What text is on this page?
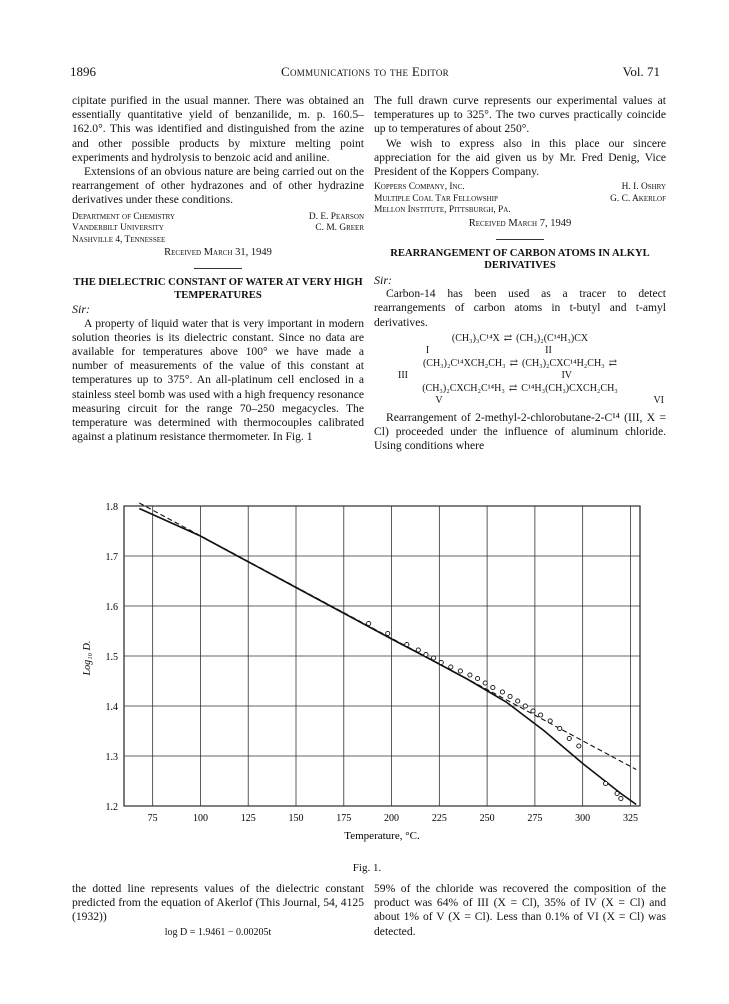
1896	Communications to the Editor	Vol. 71

cipitate purified in the usual manner. There was obtained an essentially quantitative yield of benzanilide, m. p. 160.5–162.0°. This was identified and distinguished from the azine and other possible products by mixture melting point experiments and hydrolysis to benzoic acid and aniline.

Extensions of an obvious nature are being carried out on the rearrangement of other hydrazones and of other hydrazine derivatives under these conditions.

Department of Chemistry	D. E. Pearson
Vanderbilt University	C. M. Greer
Nashville 4, Tennessee

Received March 31, 1949

THE DIELECTRIC CONSTANT OF WATER AT VERY HIGH TEMPERATURES

Sir:

A property of liquid water that is very important in modern solution theories is its dielectric constant. Since no data are available for temperatures above 100° we have made a number of measurements of the value of this constant at temperatures up to 375°. An all-platinum cell enclosed in a stainless steel bomb was used with a high frequency resonance measuring circuit for the range 70–250 megacycles. The temperature was determined with thermocouples calibrated against a platinum resistance thermometer. In Fig. 1

The full drawn curve represents our experimental values at temperatures up to 325°. The two curves practically coincide up to temperatures of about 250°.

We wish to express also in this place our sincere appreciation for the aid given us by Mr. Fred Denig, Vice President of the Koppers Company.

Koppers Company, Inc.	H. I. Oshry
Multiple Coal Tar Fellowship	G. C. Akerlof
Mellon Institute, Pittsburgh, Pa.

Received March 7, 1949

REARRANGEMENT OF CARBON ATOMS IN ALKYL DERIVATIVES

Sir:

Carbon-14 has been used as a tracer to detect rearrangements of carbon atoms in t-butyl and t-amyl derivatives.

(CH₃)₃C¹⁴X ⇄ (CH₃)₂(C¹⁴H₃)CX
I	II
(CH₃)₂C¹⁴XCH₂CH₃ ⇄ (CH₃)₂CXC¹⁴H₂CH₃ ⇄
III	IV
(CH₃)₂CXCH₂C¹⁴H₃ ⇄ C¹⁴H₃(CH₃)CXCH₂CH₃
V	VI

Rearrangement of 2-methyl-2-chlorobutane-2-C¹⁴ (III, X = Cl) proceeded under the influence of aluminum chloride. Using conditions where

1.2
1.3
1.4
1.5
1.6
1.7
1.8
75	100	125	150	175	200	225	250	275	300	325
Log₁₀ D.
Temperature, °C.
Fig. 1.

the dotted line represents values of the dielectric constant predicted from the equation of Akerlof (This Journal, 54, 4125 (1932))

log D = 1.9461 − 0.00205t

59% of the chloride was recovered the composition of the product was 64% of III (X = Cl), 35% of IV (X = Cl) and about 1% of V (X = Cl). Less than 0.1% of VI (X = Cl) was detected.
